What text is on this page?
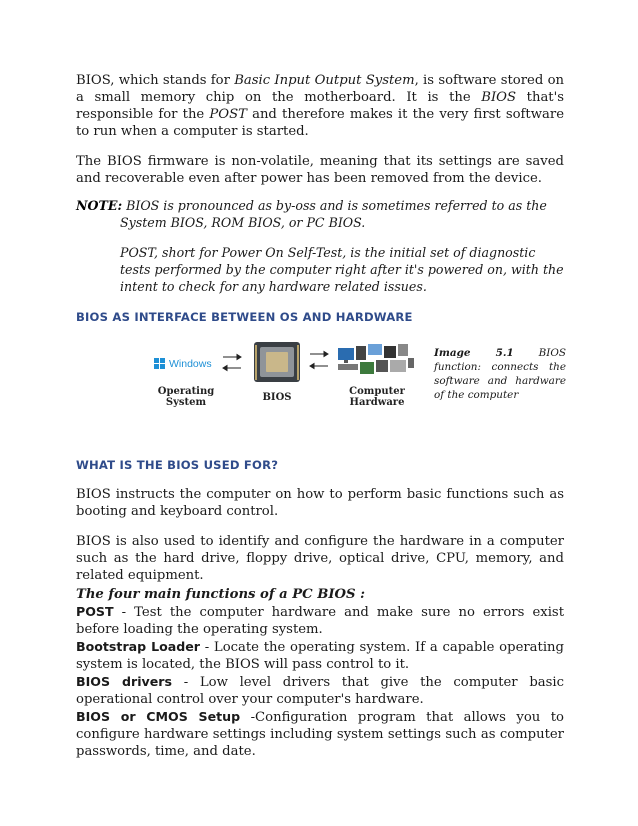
BIOS, which stands for Basic Input Output System, is software stored on a small memory chip on the motherboard. It is the BIOS that's responsible for the POST and therefore makes it the very first software to run when a computer is started.

The BIOS firmware is non-volatile, meaning that its settings are saved and recoverable even after power has been removed from the device.

NOTE: BIOS is pronounced as by-oss and is sometimes referred to as the System BIOS, ROM BIOS, or PC BIOS.
POST, short for Power On Self-Test, is the initial set of diagnostic tests performed by the computer right after it's powered on, with the intent to check for any hardware related issues.
BIOS AS INTERFACE BETWEEN OS AND HARDWARE
Windows
Operating
System	BIOS
Computer
Hardware
Image 5.1 BIOS function: connects the software and hardware of the computer
WHAT IS THE BIOS USED FOR?

BIOS instructs the computer on how to perform basic functions such as booting and keyboard control.

BIOS is also used to identify and configure the hardware in a computer such as the hard drive, floppy drive, optical drive, CPU, memory, and related equipment.

The four main functions of a PC BIOS :

POST - Test the computer hardware and make sure no errors exist before loading the operating system.

Bootstrap Loader - Locate the operating system. If a capable operating system is located, the BIOS will pass control to it.

BIOS drivers - Low level drivers that give the computer basic operational control over your computer's hardware.

BIOS or CMOS Setup -Configuration program that allows you to configure hardware settings including system settings such as computer passwords, time, and date.
